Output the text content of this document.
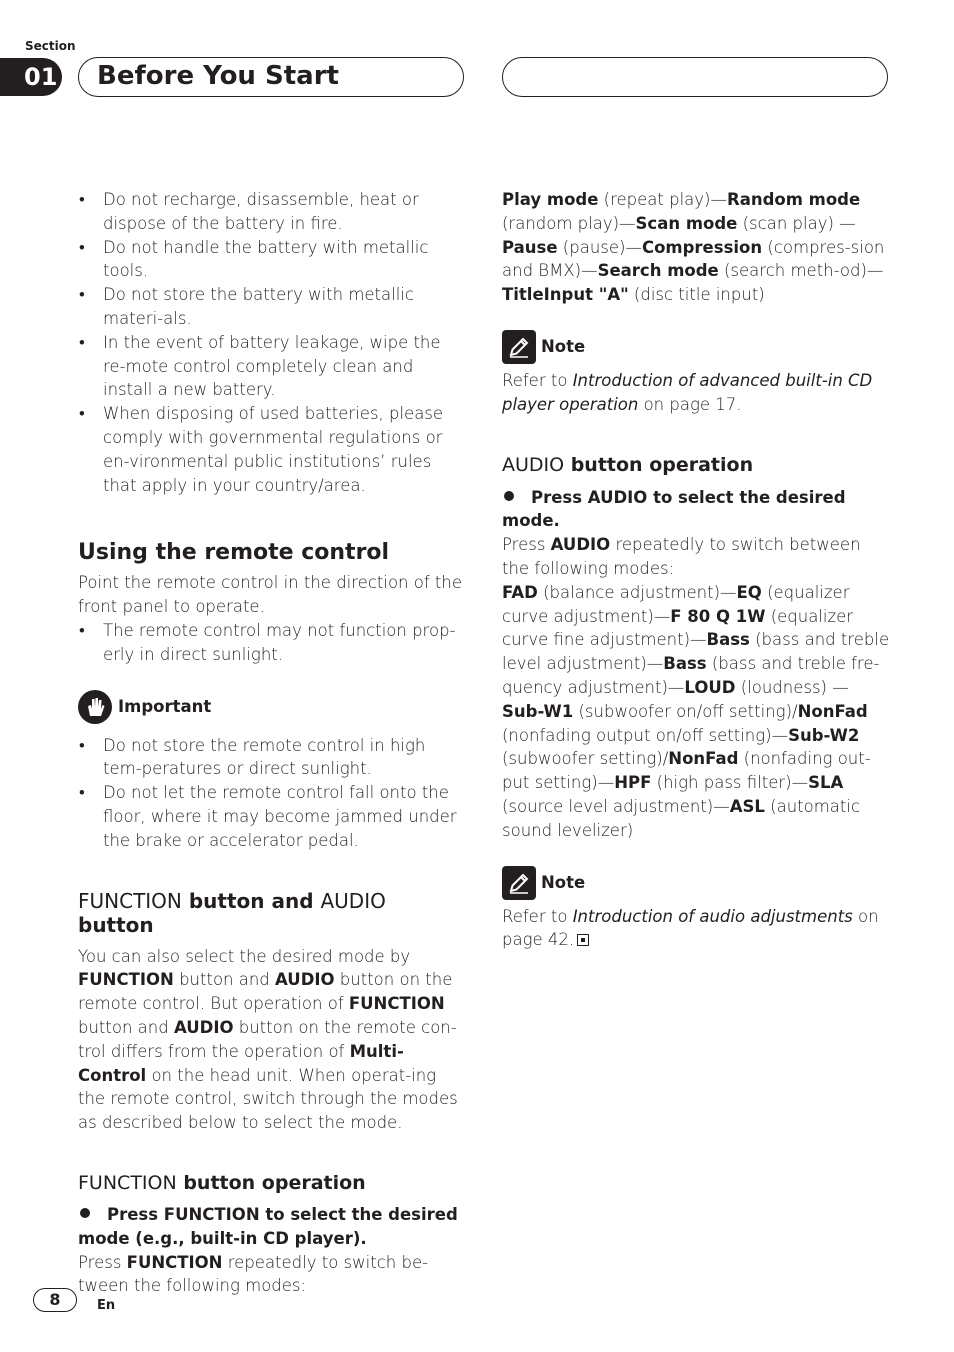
Section
01 Before You Start
• Do not recharge, disassemble, heat or dispose of the battery in fire.
• Do not handle the battery with metallic tools.
• Do not store the battery with metallic materi-als.
• In the event of battery leakage, wipe the re-mote control completely clean and install a new battery.
• When disposing of used batteries, please comply with governmental regulations or en-vironmental public institutions’ rules that apply in your country/area.
Using the remote control

Point the remote control in the direction of the front panel to operate.

• The remote control may not function prop-erly in direct sunlight.
Important
• Do not store the remote control in high tem-peratures or direct sunlight.
• Do not let the remote control fall onto the floor, where it may become jammed under the brake or accelerator pedal.
FUNCTION button and AUDIO button

You can also select the desired mode by FUNCTION button and AUDIO button on the remote control. But operation of FUNCTION button and AUDIO button on the remote con-trol differs from the operation of Multi-Control on the head unit. When operat-ing the remote control, switch through the modes as described below to select the mode.

FUNCTION button operation

Press FUNCTION to select the desired mode (e.g., built-in CD player).

Press FUNCTION repeatedly to switch be-tween the following modes:

Play mode (repeat play)—Random mode (random play)—Scan mode (scan play) —Pause (pause)—Compression (compres-sion and BMX)—Search mode (search meth-od)—TitleInput "A" (disc title input)

Note

Refer to Introduction of advanced built-in CD player operation on page 17.

AUDIO button operation

Press AUDIO to select the desired mode.

Press AUDIO repeatedly to switch between the following modes:

FAD (balance adjustment)—EQ (equalizer curve adjustment)—F 80 Q 1W (equalizer curve fine adjustment)—Bass (bass and treble level adjustment)—Bass (bass and treble fre-quency adjustment)—LOUD (loudness) —Sub-W1 (subwoofer on/off setting)/NonFad (nonfading output on/off setting)—Sub-W2 (subwoofer setting)/NonFad (nonfading out-put setting)—HPF (high pass filter)—SLA (source level adjustment)—ASL (automatic sound levelizer)

Note

Refer to Introduction of audio adjustments on page 42.

8	En
